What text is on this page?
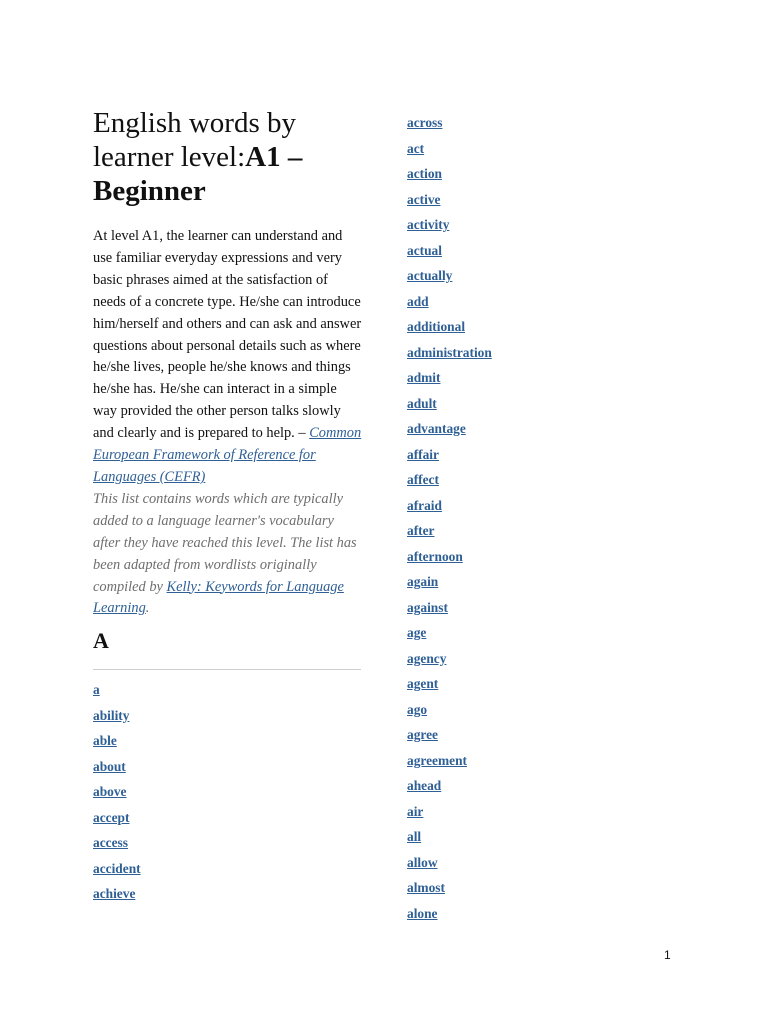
English words by learner level:A1 – Beginner

At level A1, the learner can understand and use familiar everyday expressions and very basic phrases aimed at the satisfaction of needs of a concrete type. He/she can introduce him/herself and others and can ask and answer questions about personal details such as where he/she lives, people he/she knows and things he/she has. He/she can interact in a simple way provided the other person talks slowly and clearly and is prepared to help. – Common European Framework of Reference for Languages (CEFR)

This list contains words which are typically added to a language learner's vocabulary after they have reached this level. The list has been adapted from wordlists originally compiled by Kelly: Keywords for Language Learning.

A
a
ability
able
about
above
accept
access
accident
achieve
across
act
action
active
activity
actual
actually
add
additional
administration
admit
adult
advantage
affair
affect
afraid
after
afternoon
again
against
age
agency
agent
ago
agree
agreement
ahead
air
all
allow
almost
alone
1
